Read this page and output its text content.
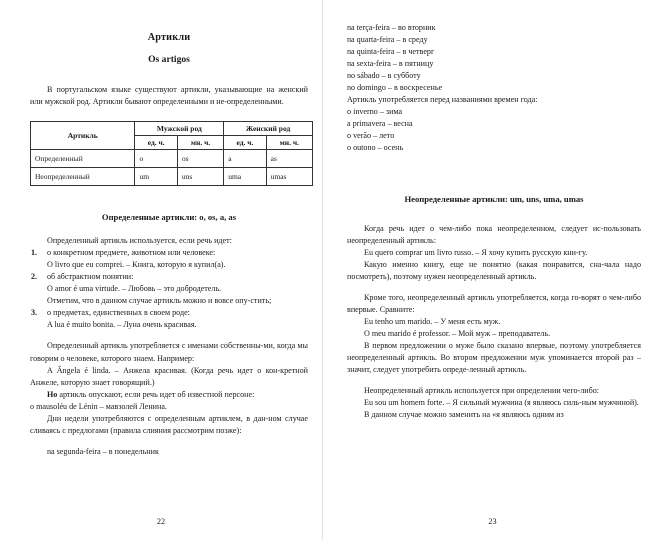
Артикли
Os artigos

В португальском языке существуют артикли, указывающие на женский или мужской род. Артикли бывают определенными и не-определенными.

Артикль	Мужской род		Женский род	
	ед. ч.	мн. ч.	ед. ч.	мн. ч.
Определенный	o	os	a	as
Неопределенный	um	uns	uma	umas
Определенные артикли: o, os, a, as

Определенный артикль используется, если речь идет:

1. о конкретном предмете, животном или человеке:

O livro que eu comprei. – Книга, которую я купил(а).

2. об абстрактном понятии:

O amor é uma virtude. – Любовь – это добродетель.

Отметим, что в данном случае артикль можно и вовсе опу-стить;

3. о предметах, единственных в своем роде:

A lua é muito bonita. – Луна очень красивая.

Определенный артикль употребляется с именами собственны-ми, когда мы говорим о человеке, которого знаем. Например:

A Ângela é linda. – Анжела красивая. (Когда речь идет о кон-кретной Анжеле, которую знает говорящий.)

Но артикль опускают, если речь идет об известной персоне:

o mausoléu de Lénin – мавзолей Ленина.

Дни недели употребляются с определенным артиклем, в дан-ном случае сливаясь с предлогами (правила слияния рассмотрим позже):

na segunda-feira – в понедельник

22

na terça-feira – во вторник

na quarta-feira – в среду

na quinta-feira – в четверг

na sexta-feira – в пятницу

no sábado – в субботу

no domingo – в воскресенье

Артикль употребляется перед названиями времен года:

o inverno – зима

a primavera – весна

o verão – лето

o outono – осень

Неопределенные артикли: um, uns, uma, umas

Когда речь идет о чем-либо пока неопределенном, следует ис-пользовать неопределенный артикль:

Eu quero comprar um livro russo. – Я хочу купить русскую кни-гу.

Какую именно книгу, еще не понятно (какая понравится, сна-чала надо посмотреть), поэтому нужен неопределенный артикль.

Кроме того, неопределенный артикль употребляется, когда го-ворят о чем-либо впервые. Сравните:

Eu tenho um marido. – У меня есть муж.

O meu marido é professor. – Мой муж – преподаватель.

В первом предложении о муже было сказано впервые, поэтому употребляется неопределенный артикль. Во втором предложении муж упоминается второй раз – значит, следует употребить опреде-ленный артикль.

Неопределенный артикль используется при определении чего-либо:

Eu sou um homem forte. – Я сильный мужчина (я являюсь силь-ным мужчиной).

В данном случае можно заменить на «я являюсь одним из

23
